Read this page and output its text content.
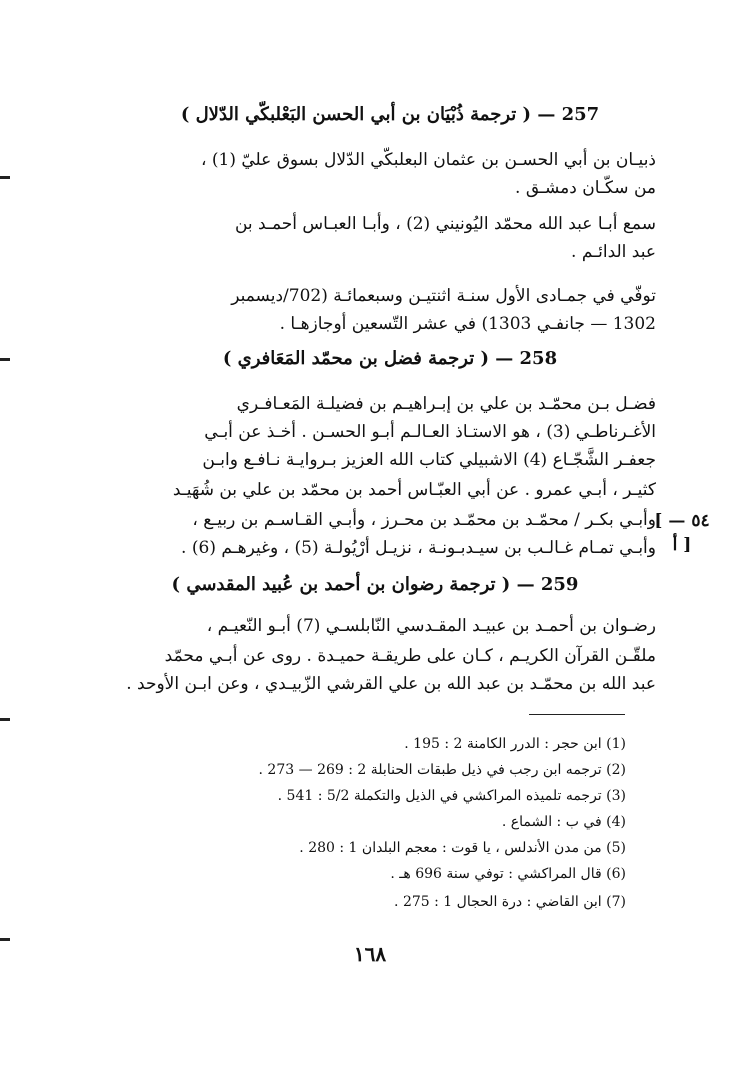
257 — ( ترجمة ذُبْيَان بن أبي الحسن البَعْلبكّي الدّلال )
ذبيـان بن أبي الحسـن بن عثمان البعلبكّي الدّلال بسوق عليّ (1) ،
من سكّـان دمشـق .
سمع أبـا عبد الله محمّد اليُونيني (2) ، وأبـا العبـاس أحمـد بن
عبد الدائـم .
توفّي في جمـادى الأول سنـة اثنتيـن وسبعمائـة (702/ديسمبر
1302 — جانفـي 1303) في عشر التّسعين أوجازهـا .
258 — ( ترجمة فضل بن محمّد المَعَافري )
فضـل بـن محمّـد بن علي بن إبـراهيـم بن فضيلـة المَعـافـري
الأغـرناطـي (3) ، هو الاستـاذ العـالـم أبـو الحسـن . أخـذ عن أبـي
جعفـر الشَّجّـاع (4) الاشبيلي كتاب الله العزيز بـروايـة نـافـع وابـن
كثيـر ، أبـي عمرو . عن أبي العبّـاس أحمد بن محمّد بن علي بن شُهَيـد
وأبـي بكـر / محمّـد بن محمّـد بن محـرز ، وأبـي القـاسـم بن ربيـع ،
وأبـي تمـام غـالـب بن سيـدبـونـة ، نزيـل أرْيُولـة (5) ، وغيرهـم (6) .
[ ٥٤ — أ ]
259 — ( ترجمة رضوان بن أحمد بن عُبيد المقدسي )
رضـوان بن أحمـد بن عبيـد المقـدسي النّابلسـي (7) أبـو النّعيـم ،
ملقّـن القرآن الكريـم ، كـان على طريقـة حميـدة . روى عن أبـي محمّد
عبد الله بن محمّـد بن عبد الله بن علي القرشي الزّبيـدي ، وعن ابـن الأوحد .
(1) ابن حجر : الدرر الكامنة 2 : 195 .
(2) ترجمه ابن رجب في ذيل طبقات الحنابلة 2 : 269 — 273 .
(3) ترجمه تلميذه المراكشي في الذيل والتكملة 5/2 : 541 .
(4) في ب : الشماع .
(5) من مدن الأندلس ، يا قوت : معجم البلدان 1 : 280 .
(6) قال المراكشي : توفي سنة 696 هـ .
(7) ابن القاضي : درة الحجال 1 : 275 .
١٦٨
